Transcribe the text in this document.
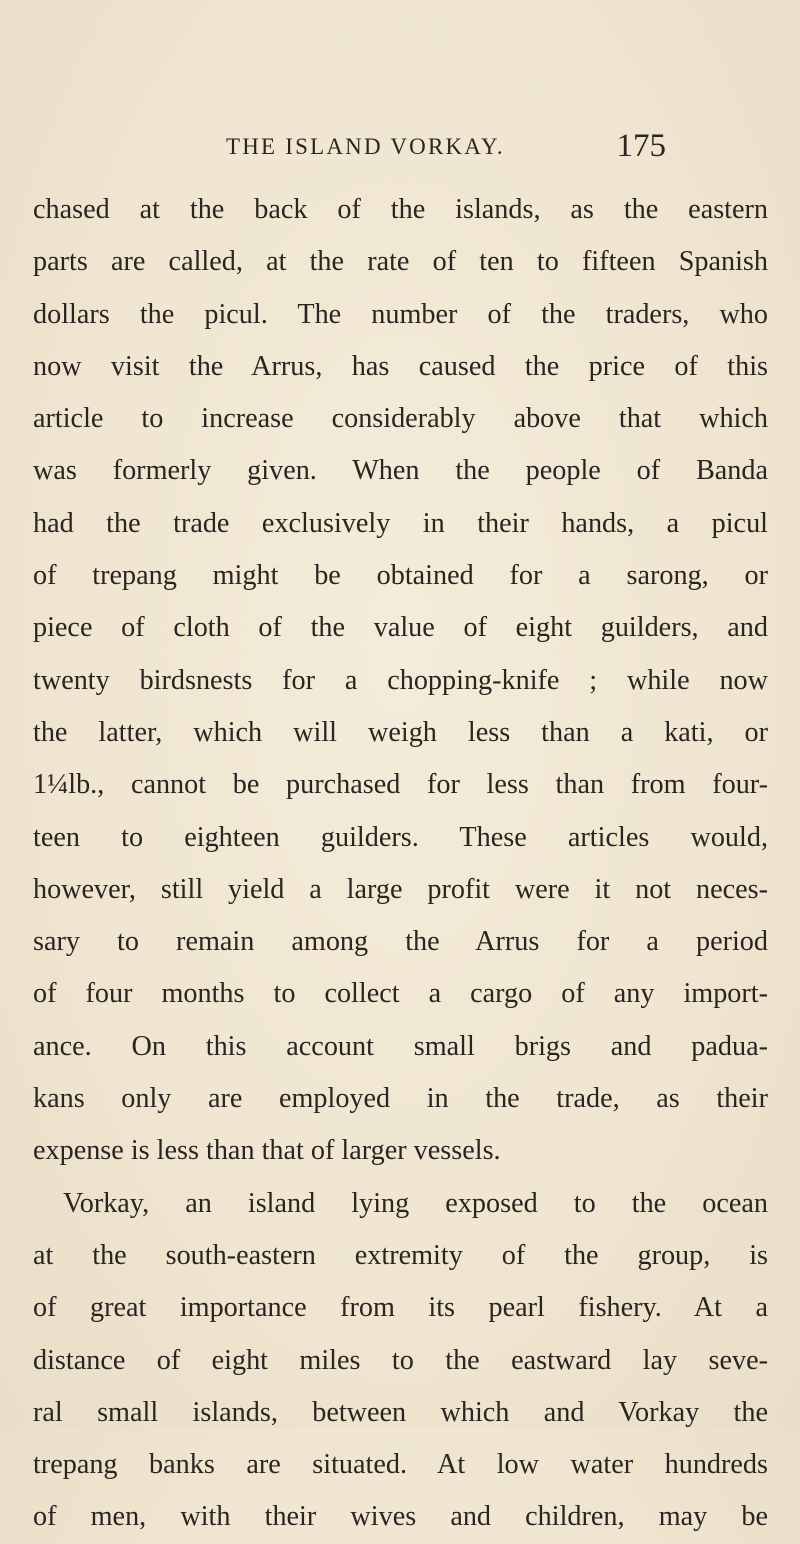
THE ISLAND VORKAY.	175
chased at the back of the islands, as the eastern
parts are called, at the rate of ten to fifteen Spanish
dollars the picul. The number of the traders, who
now visit the Arrus, has caused the price of this
article to increase considerably above that which
was formerly given. When the people of Banda
had the trade exclusively in their hands, a picul
of trepang might be obtained for a sarong, or
piece of cloth of the value of eight guilders, and
twenty birdsnests for a chopping-knife ; while now
the latter, which will weigh less than a kati, or
1¼lb., cannot be purchased for less than from four-
teen to eighteen guilders. These articles would,
however, still yield a large profit were it not neces-
sary to remain among the Arrus for a period
of four months to collect a cargo of any import-
ance. On this account small brigs and padua-
kans only are employed in the trade, as their
expense is less than that of larger vessels.
Vorkay, an island lying exposed to the ocean
at the south-eastern extremity of the group, is
of great importance from its pearl fishery. At a
distance of eight miles to the eastward lay seve-
ral small islands, between which and Vorkay the
trepang banks are situated. At low water hundreds
of men, with their wives and children, may be
